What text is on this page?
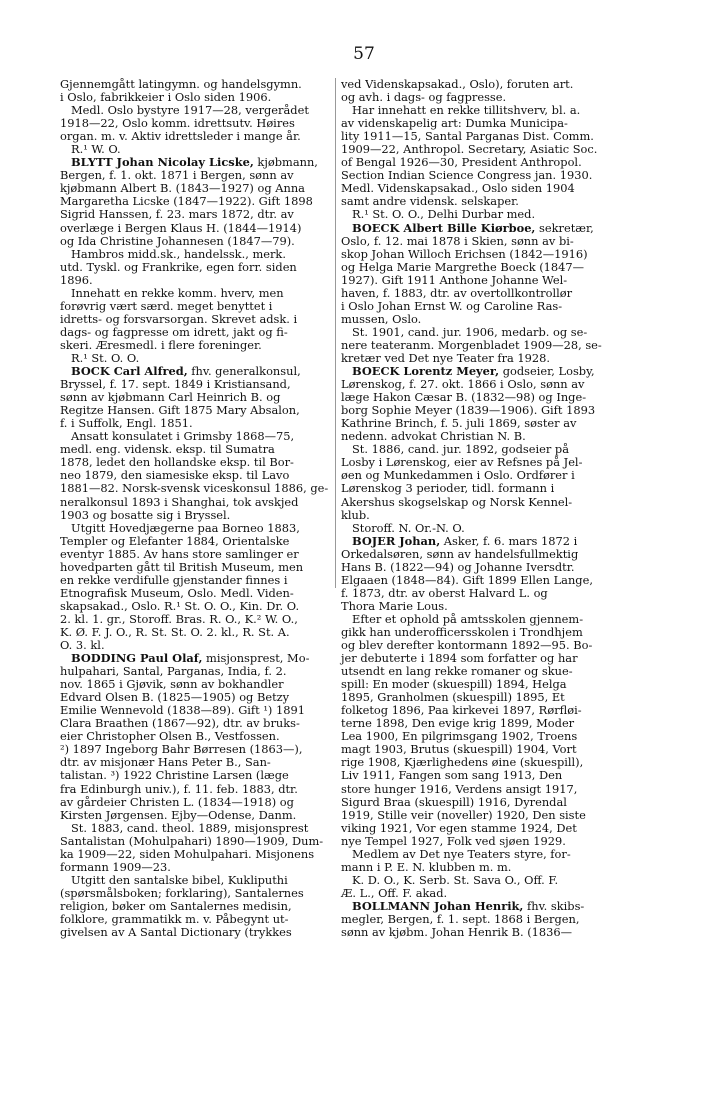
57
Gjennemgått latingymn. og handelsgymn.
i Oslo, fabrikkeier i Oslo siden 1906.
Medl. Oslo bystyre 1917—28, vergerådet
1918—22, Oslo komm. idrettsutv. Høires
organ. m. v. Aktiv idrettsleder i mange år.
R.¹ W. O.
BLYTT Johan Nicolay Licske, kjøbmann,
Bergen, f. 1. okt. 1871 i Bergen, sønn av
kjøbmann Albert B. (1843—1927) og Anna
Margaretha Licske (1847—1922). Gift 1898
Sigrid Hanssen, f. 23. mars 1872, dtr. av
overlæge i Bergen Klaus H. (1844—1914)
og Ida Christine Johannesen (1847—79).
Hambros midd.sk., handelssk., merk.
utd. Tyskl. og Frankrike, egen forr. siden
1896.
Innehatt en rekke komm. hverv, men
forøvrig vært særd. meget benyttet i
idretts- og forsvarsorgan. Skrevet adsk. i
dags- og fagpresse om idrett, jakt og fi-
skeri. Æresmedl. i flere foreninger.
R.¹ St. O. O.
BOCK Carl Alfred, fhv. generalkonsul,
Bryssel, f. 17. sept. 1849 i Kristiansand,
sønn av kjøbmann Carl Heinrich B. og
Regitze Hansen. Gift 1875 Mary Absalon,
f. i Suffolk, Engl. 1851.
Ansatt konsulatet i Grimsby 1868—75,
medl. eng. vidensk. eksp. til Sumatra
1878, ledet den hollandske eksp. til Bor-
neo 1879, den siamesiske eksp. til Lavo
1881—82. Norsk-svensk viceskonsul 1886, ge-
neralkonsul 1893 i Shanghai, tok avskjed
1903 og bosatte sig i Bryssel.
Utgitt Hovedjægerne paa Borneo 1883,
Templer og Elefanter 1884, Orientalske
eventyr 1885. Av hans store samlinger er
hovedparten gått til British Museum, men
en rekke verdifulle gjenstander finnes i
Etnografisk Museum, Oslo. Medl. Viden-
skapsakad., Oslo. R.¹ St. O. O., Kin. Dr. O.
2. kl. 1. gr., Storoff. Bras. R. O., K.² W. O.,
K. Ø. F. J. O., R. St. St. O. 2. kl., R. St. A.
O. 3. kl.
BODDING Paul Olaf, misjonsprest, Mo-
hulpahari, Santal, Parganas, India, f. 2.
nov. 1865 i Gjøvik, sønn av bokhandler
Edvard Olsen B. (1825—1905) og Betzy
Emilie Wennevold (1838—89). Gift ¹) 1891
Clara Braathen (1867—92), dtr. av bruks-
eier Christopher Olsen B., Vestfossen.
²) 1897 Ingeborg Bahr Børresen (1863—),
dtr. av misjonær Hans Peter B., San-
talistan. ³) 1922 Christine Larsen (læge
fra Edinburgh univ.), f. 11. feb. 1883, dtr.
av gårdeier Christen L. (1834—1918) og
Kirsten Jørgensen. Ejby—Odense, Danm.
St. 1883, cand. theol. 1889, misjonsprest
Santalistan (Mohulpahari) 1890—1909, Dum-
ka 1909—22, siden Mohulpahari. Misjonens
formann 1909—23.
Utgitt den santalske bibel, Kukliputhi
(spørsmålsboken; forklaring), Santalernes
religion, bøker om Santalernes medisin,
folklore, grammatikk m. v. Påbegynt ut-
givelsen av A Santal Dictionary (trykkes
ved Videnskapsakad., Oslo), foruten art.
og avh. i dags- og fagpresse.
Har innehatt en rekke tillitshverv, bl. a.
av videnskapelig art: Dumka Municipa-
lity 1911—15, Santal Parganas Dist. Comm.
1909—22, Anthropol. Secretary, Asiatic Soc.
of Bengal 1926—30, President Anthropol.
Section Indian Science Congress jan. 1930.
Medl. Videnskapsakad., Oslo siden 1904
samt andre vidensk. selskaper.
R.¹ St. O. O., Delhi Durbar med.
BOECK Albert Bille Kiørboe, sekretær,
Oslo, f. 12. mai 1878 i Skien, sønn av bi-
skop Johan Willoch Erichsen (1842—1916)
og Helga Marie Margrethe Boeck (1847—
1927). Gift 1911 Anthone Johanne Wel-
haven, f. 1883, dtr. av overtollkontrollør
i Oslo Johan Ernst W. og Caroline Ras-
mussen, Oslo.
St. 1901, cand. jur. 1906, medarb. og se-
nere teateranm. Morgenbladet 1909—28, se-
kretær ved Det nye Teater fra 1928.
BOECK Lorentz Meyer, godseier, Losby,
Lørenskog, f. 27. okt. 1866 i Oslo, sønn av
læge Hakon Cæsar B. (1832—98) og Inge-
borg Sophie Meyer (1839—1906). Gift 1893
Kathrine Brinch, f. 5. juli 1869, søster av
nedenn. advokat Christian N. B.
St. 1886, cand. jur. 1892, godseier på
Losby i Lørenskog, eier av Refsnes på Jel-
øen og Munkedammen i Oslo. Ordfører i
Lørenskog 3 perioder, tidl. formann i
Akershus skogselskap og Norsk Kennel-
klub.
Storoff. N. Or.-N. O.
BOJER Johan, Asker, f. 6. mars 1872 i
Orkedalsøren, sønn av handelsfullmektig
Hans B. (1822—94) og Johanne Iversdtr.
Elgaaen (1848—84). Gift 1899 Ellen Lange,
f. 1873, dtr. av oberst Halvard L. og
Thora Marie Lous.
Efter et ophold på amtsskolen gjennem-
gikk han underofficersskolen i Trondhjem
og blev derefter kontormann 1892—95. Bo-
jer debuterte i 1894 som forfatter og har
utsendt en lang rekke romaner og skue-
spill: En moder (skuespill) 1894, Helga
1895, Granholmen (skuespill) 1895, Et
folketog 1896, Paa kirkevei 1897, Rørfløi-
terne 1898, Den evige krig 1899, Moder
Lea 1900, En pilgrimsgang 1902, Troens
magt 1903, Brutus (skuespill) 1904, Vort
rige 1908, Kjærlighedens øine (skuespill),
Liv 1911, Fangen som sang 1913, Den
store hunger 1916, Verdens ansigt 1917,
Sigurd Braa (skuespill) 1916, Dyrendal
1919, Stille veir (noveller) 1920, Den siste
viking 1921, Vor egen stamme 1924, Det
nye Tempel 1927, Folk ved sjøen 1929.
Medlem av Det nye Teaters styre, for-
mann i P. E. N. klubben m. m.
K. D. O., K. Serb. St. Sava O., Off. F.
Æ. L., Off. F. akad.
BOLLMANN Johan Henrik, fhv. skibs-
megler, Bergen, f. 1. sept. 1868 i Bergen,
sønn av kjøbm. Johan Henrik B. (1836—
